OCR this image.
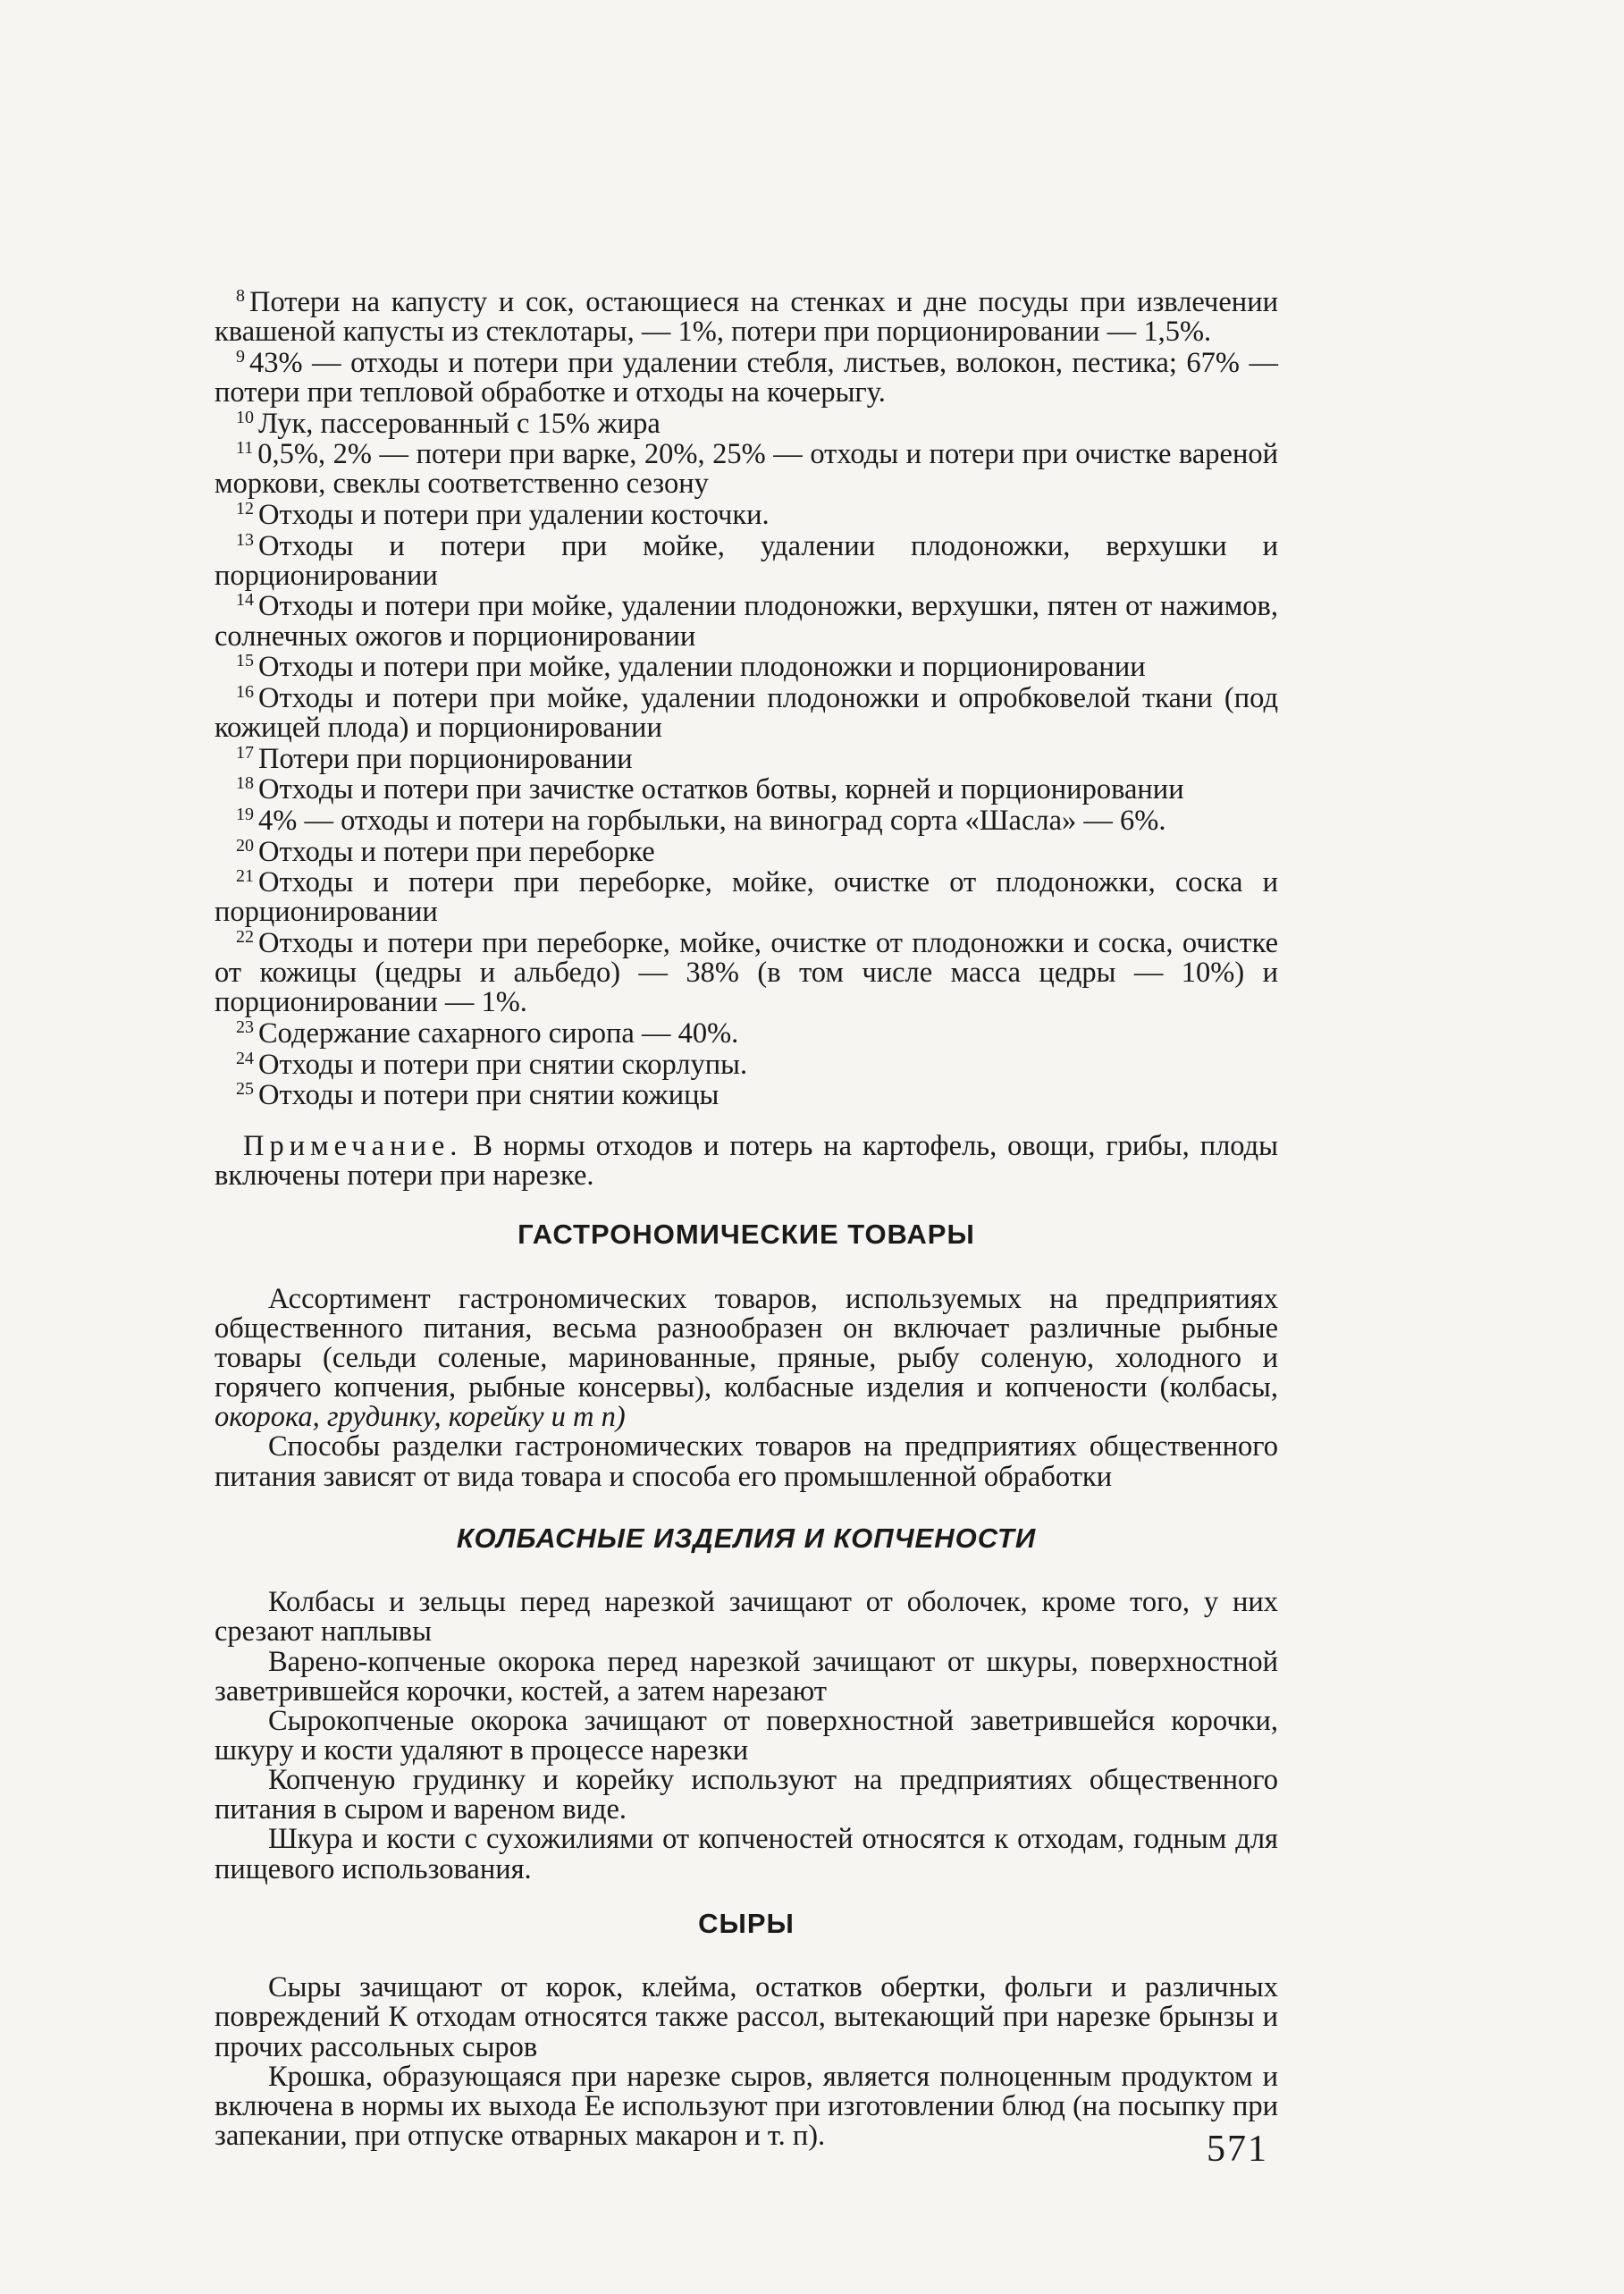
$^8$ Потери на капусту и сок, остающиеся на стенках и дне посуды при извлечении квашеной капусты из стеклотары, — 1%, потери при порционировании — 1,5%.

$^9$ 43% — отходы и потери при удалении стебля, листьев, волокон, пестика; 67% — потери при тепловой обработке и отходы на кочерыгу.

$^{10}$ Лук, пассерованный с 15% жира

$^{11}$ 0,5%, 2% — потери при варке, 20%, 25% — отходы и потери при очистке вареной моркови, свеклы соответственно сезону

$^{12}$ Отходы и потери при удалении косточки.

$^{13}$ Отходы и потери при мойке, удалении плодоножки, верхушки и порционировании

$^{14}$ Отходы и потери при мойке, удалении плодоножки, верхушки, пятен от нажимов, солнечных ожогов и порционировании

$^{15}$ Отходы и потери при мойке, удалении плодоножки и порционировании

$^{16}$ Отходы и потери при мойке, удалении плодоножки и опробковелой ткани (под кожицей плода) и порционировании

$^{17}$ Потери при порционировании

$^{18}$ Отходы и потери при зачистке остатков ботвы, корней и порционировании

$^{19}$ 4% — отходы и потери на горбыльки, на виноград сорта «Шасла» — 6%.

$^{20}$ Отходы и потери при переборке

$^{21}$ Отходы и потери при переборке, мойке, очистке от плодоножки, соска и порционировании

$^{22}$ Отходы и потери при переборке, мойке, очистке от плодоножки и соска, очистке от кожицы (цедры и альбедо) — 38% (в том числе масса цедры — 10%) и порционировании — 1%.

$^{23}$ Содержание сахарного сиропа — 40%.

$^{24}$ Отходы и потери при снятии скорлупы.

$^{25}$ Отходы и потери при снятии кожицы

Примечание. В нормы отходов и потерь на картофель, овощи, грибы, плоды включены потери при нарезке.

ГАСТРОНОМИЧЕСКИЕ ТОВАРЫ

Ассортимент гастрономических товаров, используемых на предприятиях общественного питания, весьма разнообразен он включает различные рыбные товары (сельди соленые, маринованные, пряные, рыбу соленую, холодного и горячего копчения, рыбные консервы), колбасные изделия и копчености (колбасы, окорока, грудинку, корейку и т п)

Способы разделки гастрономических товаров на предприятиях общественного питания зависят от вида товара и способа его промышленной обработки

КОЛБАСНЫЕ ИЗДЕЛИЯ И КОПЧЕНОСТИ

Колбасы и зельцы перед нарезкой зачищают от оболочек, кроме того, у них срезают наплывы

Варено-копченые окорока перед нарезкой зачищают от шкуры, поверхностной заветрившейся корочки, костей, а затем нарезают

Сырокопченые окорока зачищают от поверхностной заветрившейся корочки, шкуру и кости удаляют в процессе нарезки

Копченую грудинку и корейку используют на предприятиях общественного питания в сыром и вареном виде.

Шкура и кости с сухожилиями от копченостей относятся к отходам, годным для пищевого использования.

СЫРЫ

Сыры зачищают от корок, клейма, остатков обертки, фольги и различных повреждений К отходам относятся также рассол, вытекающий при нарезке брынзы и прочих рассольных сыров

Крошка, образующаяся при нарезке сыров, является полноценным продуктом и включена в нормы их выхода Ее используют при изготовлении блюд (на посыпку при запекании, при отпуске отварных макарон и т. п).	571
